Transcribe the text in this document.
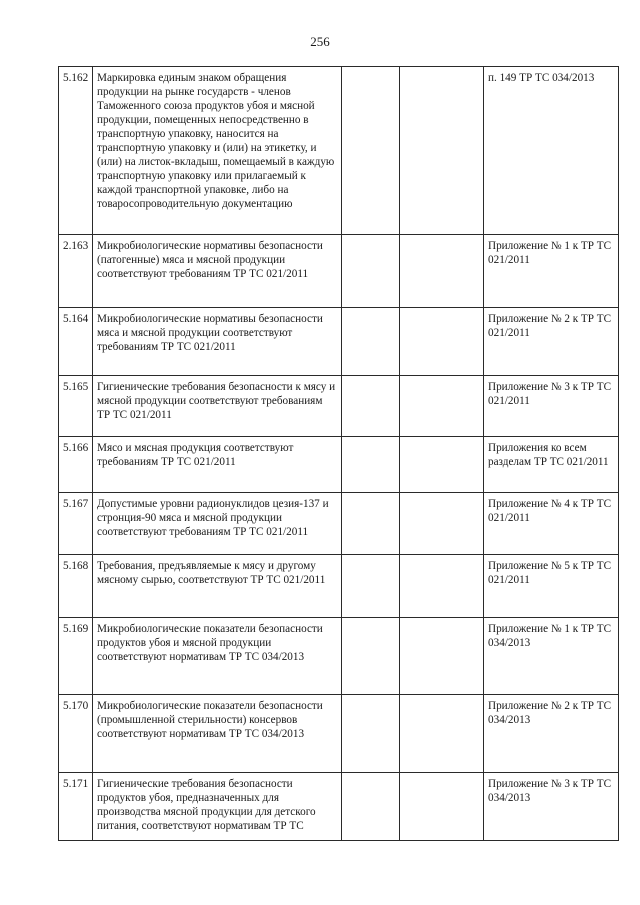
256
5.162	Маркировка единым знаком обращения продукции на рынке государств - членов Таможенного союза продуктов убоя и мясной продукции, помещенных непосредственно в транспортную упаковку, наносится на транспортную упаковку и (или) на этикетку, и (или) на листок-вкладыш, помещаемый в каждую транспортную упаковку или прилагаемый к каждой транспортной упаковке, либо на товаросопроводительную документацию			п. 149 ТР ТС 034/2013
2.163	Микробиологические нормативы безопасности (патогенные) мяса и мясной продукции соответствуют требованиям ТР ТС 021/2011			Приложение № 1 к ТР ТС 021/2011
5.164	Микробиологические нормативы безопасности мяса и мясной продукции соответствуют требованиям ТР ТС 021/2011			Приложение № 2 к ТР ТС 021/2011
5.165	Гигиенические требования безопасности к мясу и мясной продукции соответствуют требованиям ТР ТС 021/2011			Приложение № 3 к ТР ТС 021/2011
5.166	Мясо и мясная продукция соответствуют требованиям ТР ТС 021/2011			Приложения ко всем разделам ТР ТС 021/2011
5.167	Допустимые уровни радионуклидов цезия-137 и стронция-90 мяса и мясной продукции соответствуют требованиям ТР ТС 021/2011			Приложение № 4 к ТР ТС 021/2011
5.168	Требования, предъявляемые к мясу и другому мясному сырью, соответствуют ТР ТС 021/2011			Приложение № 5 к ТР ТС 021/2011
5.169	Микробиологические показатели безопасности продуктов убоя и мясной продукции соответствуют нормативам ТР ТС 034/2013			Приложение № 1 к ТР ТС 034/2013
5.170	Микробиологические показатели безопасности (промышленной стерильности) консервов соответствуют нормативам ТР ТС 034/2013			Приложение № 2 к ТР ТС 034/2013
5.171	Гигиенические требования безопасности продуктов убоя, предназначенных для производства мясной продукции для детского питания, соответствуют нормативам ТР ТС			Приложение № 3 к ТР ТС 034/2013
